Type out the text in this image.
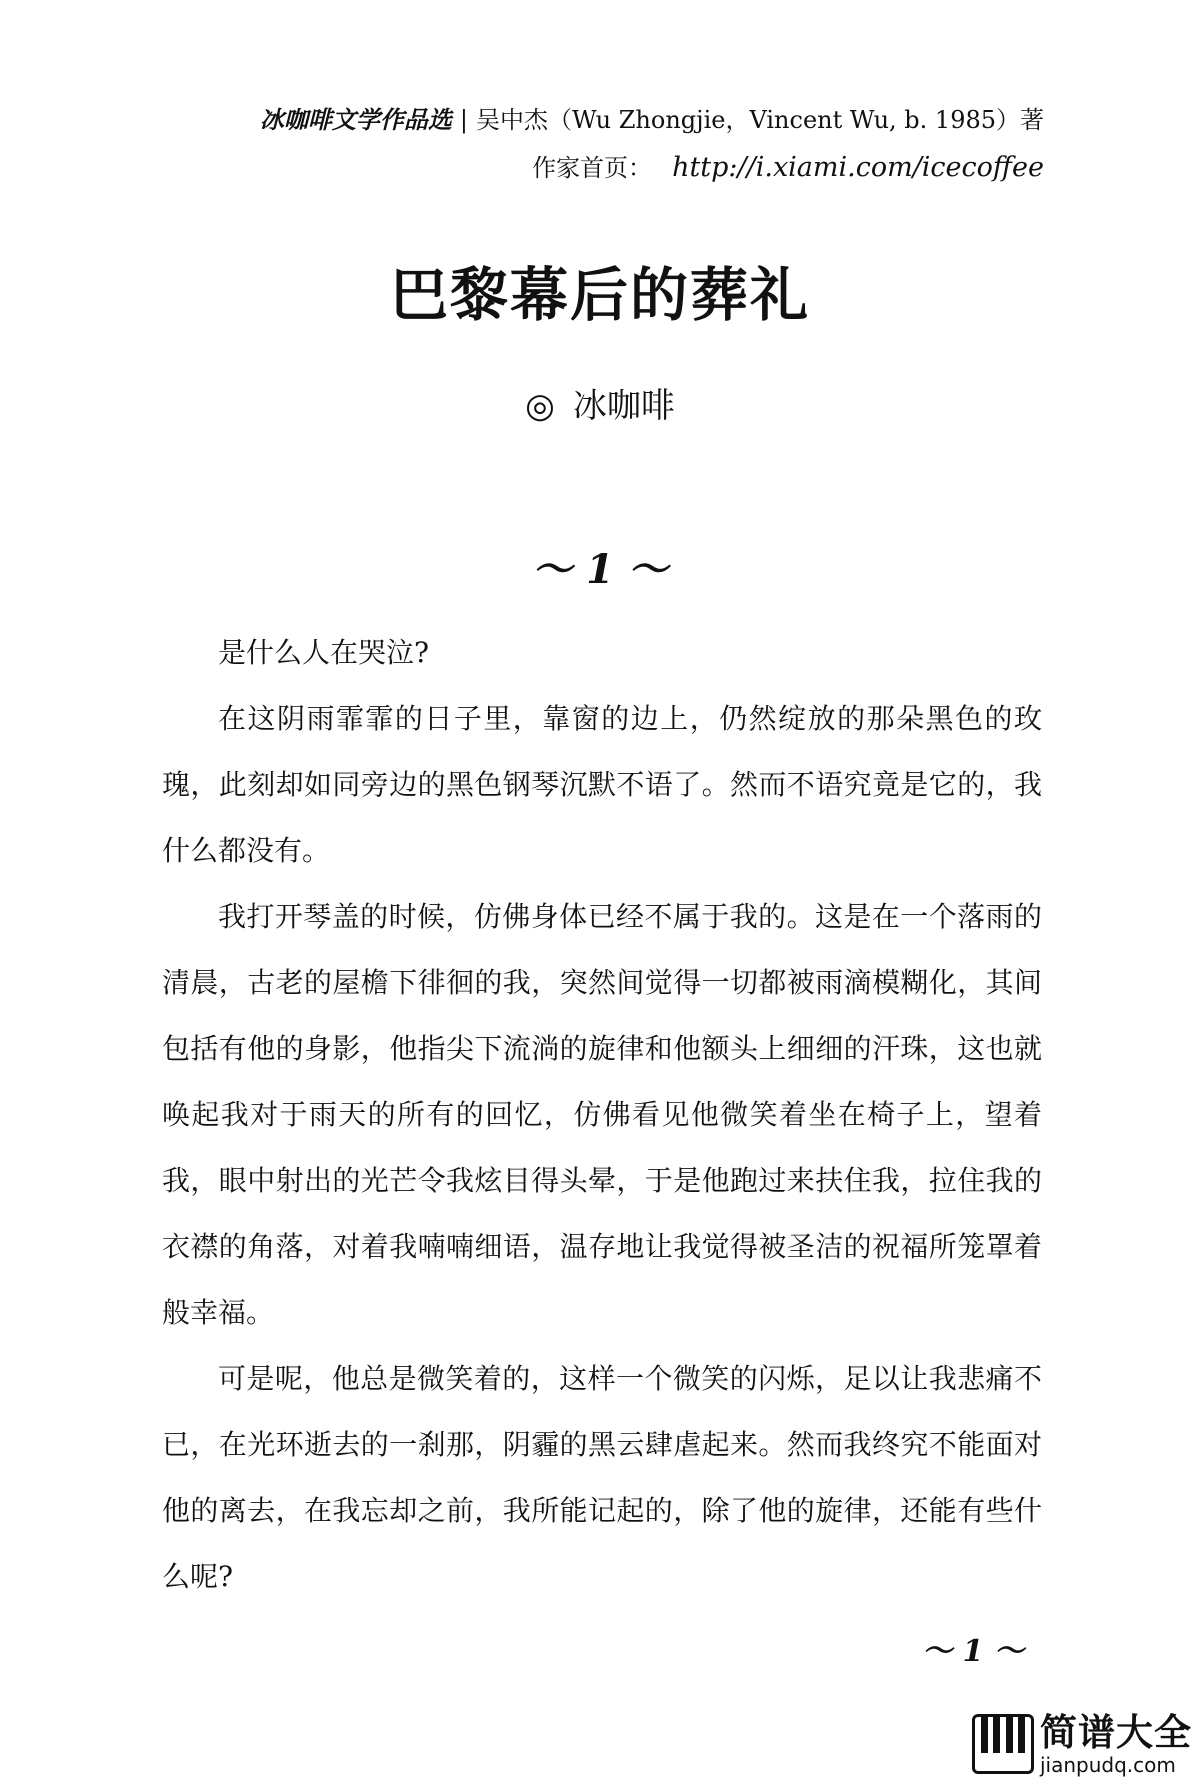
冰咖啡文学作品选 | 吴中杰（Wu Zhongjie，Vincent Wu, b. 1985）著
作家首页： http://i.xiami.com/icecoffee
巴黎幕后的葬礼
◎ 冰咖啡
～ 1 ～

是什么人在哭泣?

在这阴雨霏霏的日子里，靠窗的边上，仍然绽放的那朵黑色的玫瑰，此刻却如同旁边的黑色钢琴沉默不语了。然而不语究竟是它的，我什么都没有。

我打开琴盖的时候，仿佛身体已经不属于我的。这是在一个落雨的清晨，古老的屋檐下徘徊的我，突然间觉得一切都被雨滴模糊化，其间包括有他的身影，他指尖下流淌的旋律和他额头上细细的汗珠，这也就唤起我对于雨天的所有的回忆，仿佛看见他微笑着坐在椅子上，望着我，眼中射出的光芒令我炫目得头晕，于是他跑过来扶住我，拉住我的衣襟的角落，对着我喃喃细语，温存地让我觉得被圣洁的祝福所笼罩着般幸福。

可是呢，他总是微笑着的，这样一个微笑的闪烁，足以让我悲痛不已，在光环逝去的一刹那，阴霾的黑云肆虐起来。然而我终究不能面对他的离去，在我忘却之前，我所能记起的，除了他的旋律，还能有些什么呢?

～ 1 ～
简谱大全
jianpudq.com
